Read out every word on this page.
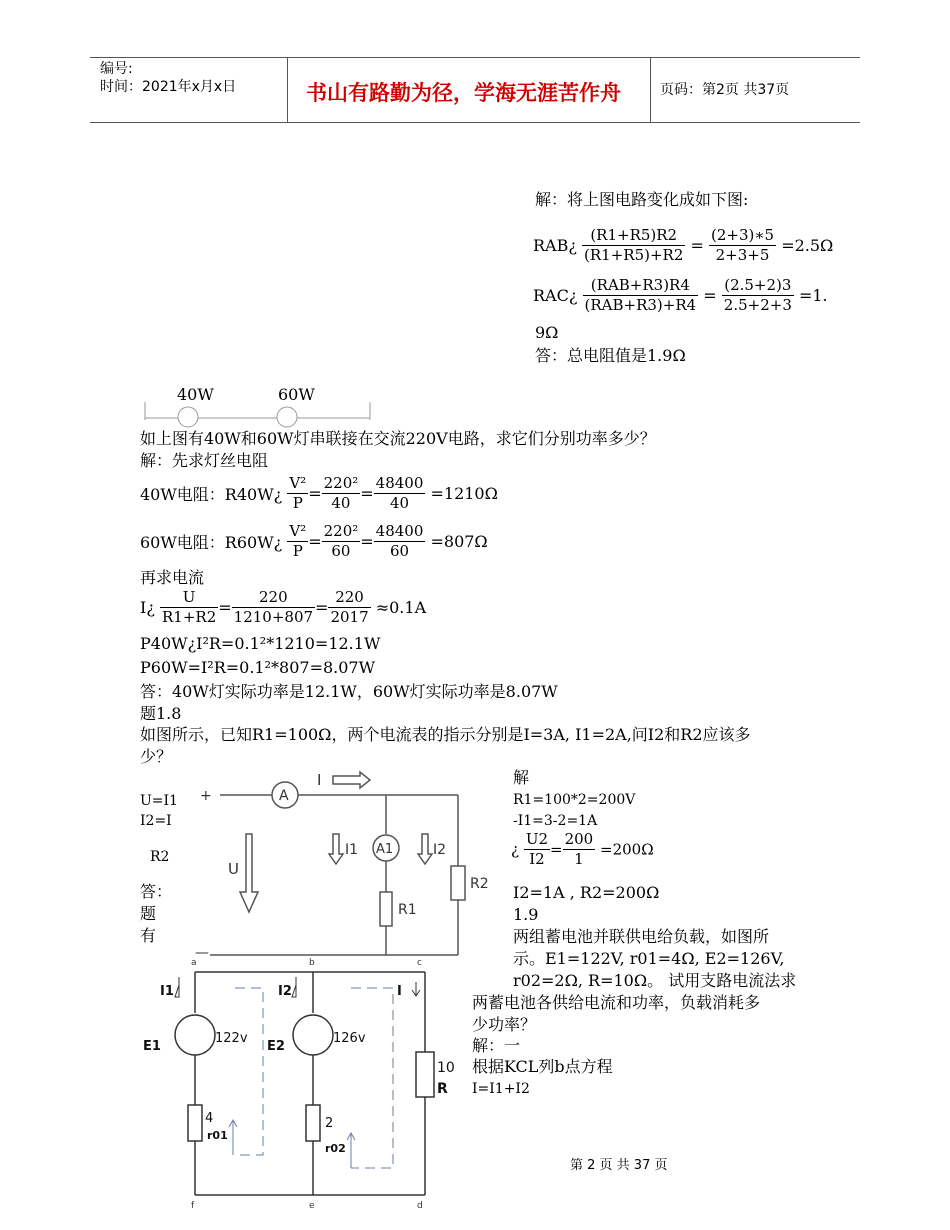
编号:
时间：2021年x月x日	书山有路勤为径，学海无涯苦作舟	页码：第2页 共37页
解：将上图电路变化成如下图:
RAB¿ $\frac{(R1+R5)R2}{(R1+R5)+R2} = \frac{(2+3)∗5}{2+3+5} =2.5\Omega$
RAC¿ $\frac{\text{(RAB+R3)R4}}{\text{(RAB+R3)+R4}} = \frac{(2.5+2)3}{2.5+2+3} =1$.
9Ω
答：总电阻值是1.9Ω
40W	60W
如上图有40W和60W灯串联接在交流220V电路，求它们分别功率多少？
解：先求灯丝电阻
40W电阻：R40W¿ $\frac{\text{V²}}{P} = \frac{\text{220²}}{40} = \frac{48400}{40} =1210\Omega$
60W电阻：R60W¿ $\frac{\text{V²}}{P} = \frac{\text{220²}}{60} = \frac{48400}{60} =807\Omega$
再求电流
I¿ $\frac{U}{R1+R2} = \frac{220}{1210+807} = \frac{220}{2017} \approx 0.1A$
P40W¿I²R=0.1²*1210=12.1W
P60W=I²R=0.1²*807=8.07W
答：40W灯实际功率是12.1W，60W灯实际功率是8.07W
题1.8
如图所示，已知R1=100Ω，两个电流表的指示分别是I=3A, I1=2A,问I2和R2应该多
少？
U=I1
I2=I
R2
答：
题
有
+
—
A
A1
I
I1	I2
U
R1
R2
解
R1=100*2=200V
-I1=3-2=1A
¿ $\frac{U2}{I2} = \frac{200}{1} =200\Omega$
I2=1A , R2=200Ω
1.9
两组蓄电池并联供电给负载，如图所
示。E1=122V, r01=4Ω, E2=126V,
r02=2Ω, R=10Ω。 试用支路电流法求
两蓄电池各供给电流和功率，负载消耗多
少功率？
解：一
根据KCL列b点方程
I=I1+I2
a	b	c
f	e	d
I1	I2	I
E1	E2
122v	126v
4
r01
2
r02
10
R
第 2 页 共 37 页
